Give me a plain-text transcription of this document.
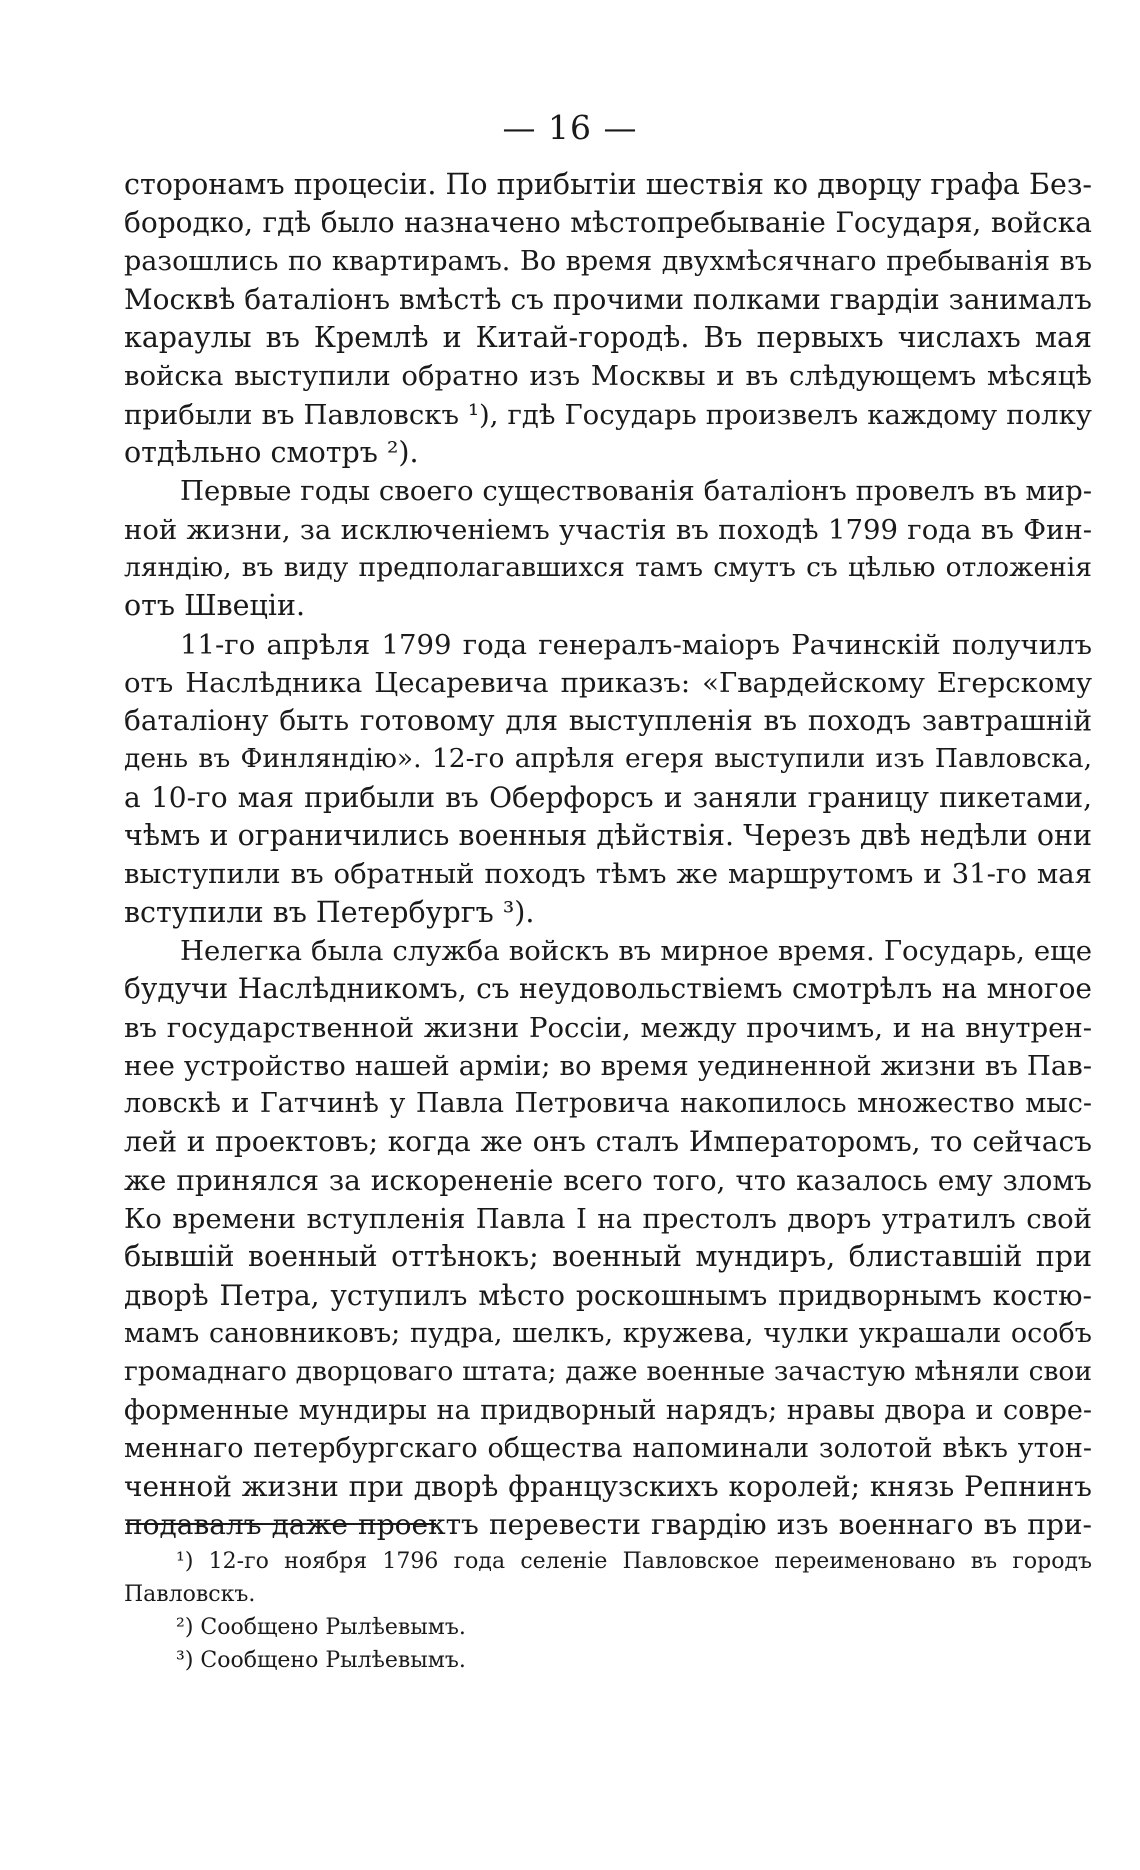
— 16 —
сторонамъ процесiи. По прибытiи шествiя ко дворцу графа Без-
бородко, гдѣ было назначено мѣстопребыванiе Государя, войска
разошлись по квартирамъ. Во время двухмѣсячнаго пребыванiя въ
Москвѣ баталiонъ вмѣстѣ съ прочими полками гвардiи занималъ
караулы въ Кремлѣ и Китай-городѣ. Въ первыхъ числахъ мая
войска выступили обратно изъ Москвы и въ слѣдующемъ мѣсяцѣ
прибыли въ Павловскъ ¹), гдѣ Государь произвелъ каждому полку
отдѣльно смотръ ²).
Первые годы своего существованiя баталiонъ провелъ въ мир-
ной жизни, за исключенiемъ участiя въ походѣ 1799 года въ Фин-
ляндiю, въ виду предполагавшихся тамъ смутъ съ цѣлью отложенiя
отъ Швецiи.
11-го апрѣля 1799 года генералъ-маiоръ Рачинскiй получилъ
отъ Наслѣдника Цесаревича приказъ: «Гвардейскому Егерскому
баталiону быть готовому для выступленiя въ походъ завтрашнiй
день въ Финляндiю». 12-го апрѣля егеря выступили изъ Павловска,
а 10-го мая прибыли въ Оберфорсъ и заняли границу пикетами,
чѣмъ и ограничились военныя дѣйствiя. Черезъ двѣ недѣли они
выступили въ обратный походъ тѣмъ же маршрутомъ и 31-го мая
вступили въ Петербургъ ³).
Нелегка была служба войскъ въ мирное время. Государь, еще
будучи Наслѣдникомъ, съ неудовольствiемъ смотрѣлъ на многое
въ государственной жизни Россiи, между прочимъ, и на внутрен-
нее устройство нашей армiи; во время уединенной жизни въ Пав-
ловскѣ и Гатчинѣ у Павла Петровича накопилось множество мыс-
лей и проектовъ; когда же онъ сталъ Императоромъ, то сейчасъ
же принялся за искорененiе всего того, что казалось ему зломъ
Ко времени вступленiя Павла I на престолъ дворъ утратилъ свой
бывшiй военный оттѣнокъ; военный мундиръ, блиставшiй при
дворѣ Петра, уступилъ мѣсто роскошнымъ придворнымъ костю-
мамъ сановниковъ; пудра, шелкъ, кружева, чулки украшали особъ
громаднаго дворцоваго штата; даже военные зачастую мѣняли свои
форменные мундиры на придворный нарядъ; нравы двора и совре-
меннаго петербургскаго общества напоминали золотой вѣкъ утон-
ченной жизни при дворѣ французскихъ королей; князь Репнинъ
подавалъ даже проектъ перевести гвардiю изъ военнаго въ при-
¹) 12-го ноября 1796 года селенiе Павловское переименовано въ городъ
Павловскъ.
²) Сообщено Рылѣевымъ.
³) Сообщено Рылѣевымъ.
